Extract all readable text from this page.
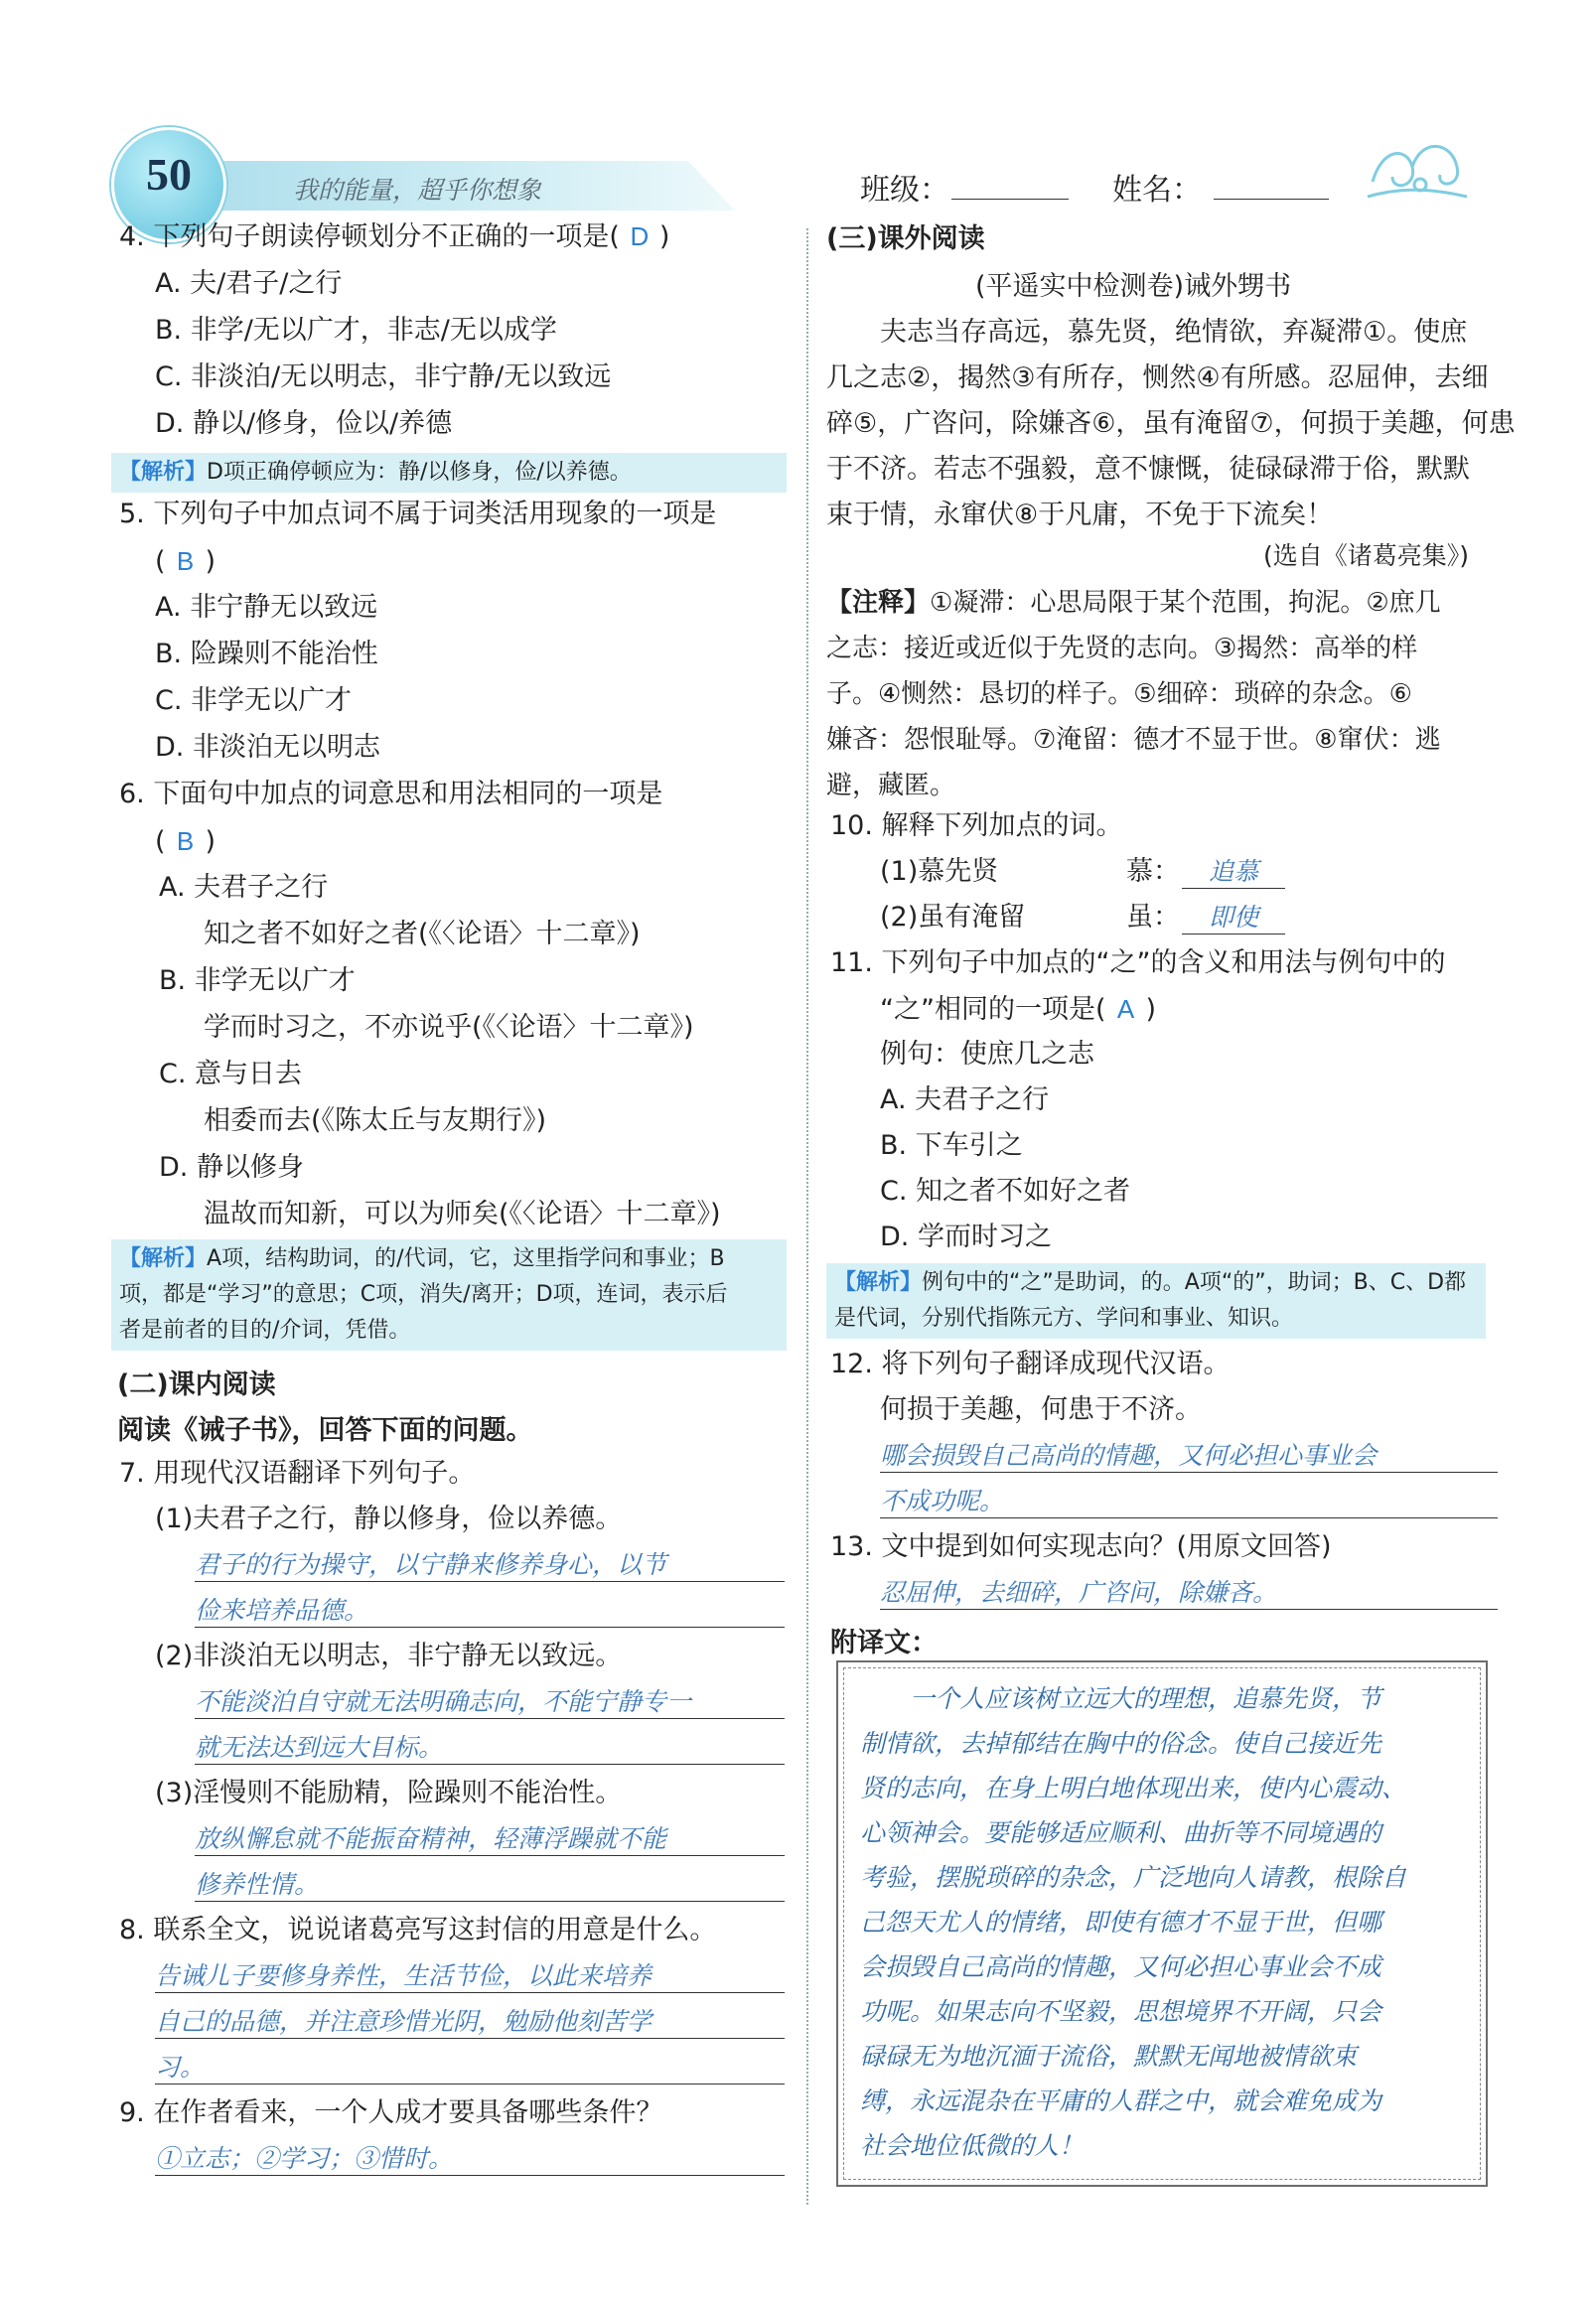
50	我的能量，超乎你想象	班级：	姓名：
4. 下列句子朗读停顿划分不正确的一项是( D )
A. 夫/君子/之行
B. 非学/无以广才，非志/无以成学
C. 非淡泊/无以明志，非宁静/无以致远
D. 静以/修身，俭以/养德
【解析】D项正确停顿应为：静/以修身，俭/以养德。
5. 下列句子中加点词不属于词类活用现象的一项是
( B )
A. 非宁静无以致远
B. 险躁则不能治性
C. 非学无以广才
D. 非淡泊无以明志
6. 下面句中加点的词意思和用法相同的一项是
( B )
A. 夫君子之行
知之者不如好之者(《〈论语〉十二章》)
B. 非学无以广才
学而时习之，不亦说乎(《〈论语〉十二章》)
C. 意与日去
相委而去(《陈太丘与友期行》)
D. 静以修身
温故而知新，可以为师矣(《〈论语〉十二章》)
【解析】A项，结构助词，的/代词，它，这里指学问和事业；B
项，都是“学习”的意思；C项，消失/离开；D项，连词，表示后
者是前者的目的/介词，凭借。
(二)课内阅读
阅读《诫子书》，回答下面的问题。
7. 用现代汉语翻译下列句子。
(1)夫君子之行，静以修身，俭以养德。
君子的行为操守，以宁静来修养身心，以节
俭来培养品德。
(2)非淡泊无以明志，非宁静无以致远。
不能淡泊自守就无法明确志向，不能宁静专一
就无法达到远大目标。
(3)淫慢则不能励精，险躁则不能治性。
放纵懈怠就不能振奋精神，轻薄浮躁就不能
修养性情。
8. 联系全文，说说诸葛亮写这封信的用意是什么。
告诫儿子要修身养性，生活节俭，以此来培养
自己的品德，并注意珍惜光阴，勉励他刻苦学
习。
9. 在作者看来，一个人成才要具备哪些条件？
①立志；②学习；③惜时。
(三)课外阅读
(平遥实中检测卷)诫外甥书
夫志当存高远，慕先贤，绝情欲，弃凝滞①。使庶
几之志②，揭然③有所存，恻然④有所感。忍屈伸，去细
碎⑤，广咨问，除嫌吝⑥，虽有淹留⑦，何损于美趣，何患
于不济。若志不强毅，意不慷慨，徒碌碌滞于俗，默默
束于情，永窜伏⑧于凡庸，不免于下流矣！
(选自《诸葛亮集》)
【注释】①凝滞：心思局限于某个范围，拘泥。②庶几
之志：接近或近似于先贤的志向。③揭然：高举的样
子。④恻然：恳切的样子。⑤细碎：琐碎的杂念。⑥
嫌吝：怨恨耻辱。⑦淹留：德才不显于世。⑧窜伏：逃
避，藏匿。
10. 解释下列加点的词。
(1)慕先贤	慕：	追慕
(2)虽有淹留	虽：	即使
11. 下列句子中加点的“之”的含义和用法与例句中的
“之”相同的一项是( A )
例句：使庶几之志
A. 夫君子之行
B. 下车引之
C. 知之者不如好之者
D. 学而时习之
【解析】例句中的“之”是助词，的。A项“的”，助词；B、C、D都
是代词，分别代指陈元方、学问和事业、知识。
12. 将下列句子翻译成现代汉语。
何损于美趣，何患于不济。
哪会损毁自己高尚的情趣，又何必担心事业会
不成功呢。
13. 文中提到如何实现志向？(用原文回答)
忍屈伸，去细碎，广咨问，除嫌吝。
附译文：
一个人应该树立远大的理想，追慕先贤，节
制情欲，去掉郁结在胸中的俗念。使自己接近先
贤的志向，在身上明白地体现出来，使内心震动、
心领神会。要能够适应顺利、曲折等不同境遇的
考验，摆脱琐碎的杂念，广泛地向人请教，根除自
己怨天尤人的情绪，即使有德才不显于世，但哪
会损毁自己高尚的情趣，又何必担心事业会不成
功呢。如果志向不坚毅，思想境界不开阔，只会
碌碌无为地沉湎于流俗，默默无闻地被情欲束
缚，永远混杂在平庸的人群之中，就会难免成为
社会地位低微的人！
